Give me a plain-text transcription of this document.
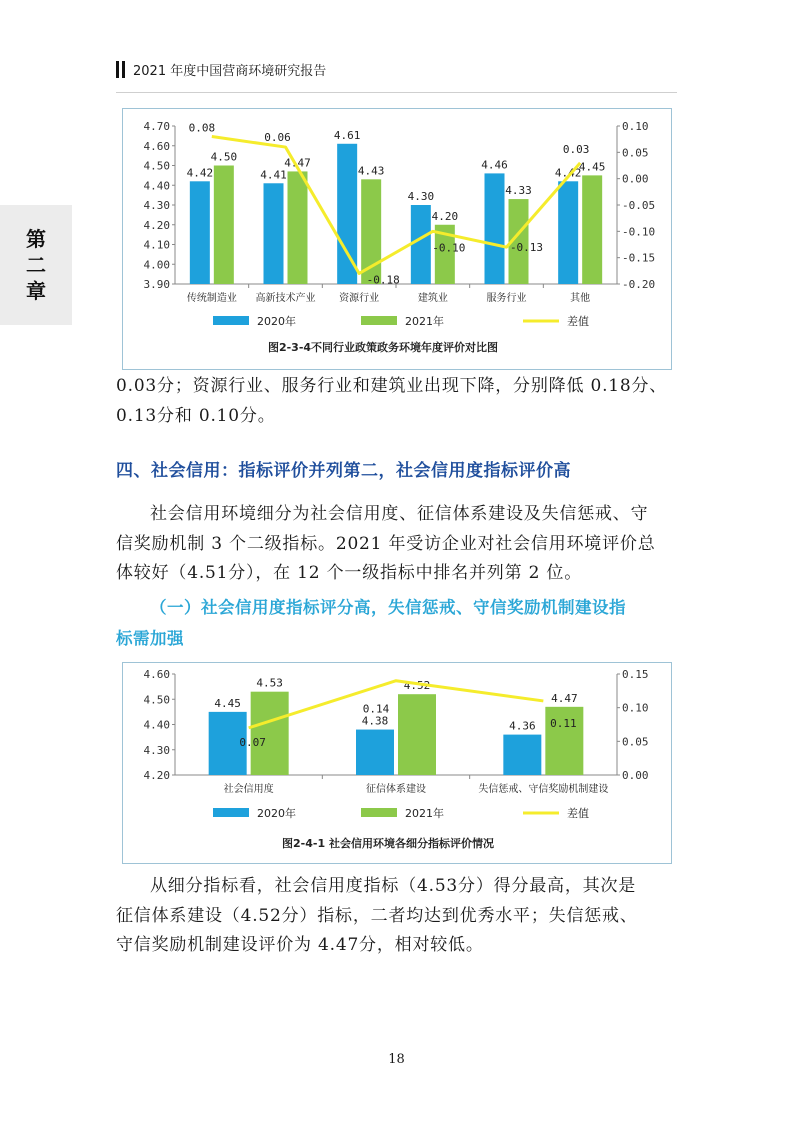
2021 年度中国营商环境研究报告
第
二
章
4.70
4.60
4.50
4.40
4.30
4.20
4.10
4.00
3.90
0.10
0.05
0.00
-0.05
-0.10
-0.15
-0.20
4.42
4.50
传统制造业
4.41
4.47
高新技术产业
4.61
4.43
资源行业
4.30
4.20
建筑业
4.46
4.33
服务行业
4.42
4.45
其他
0.08
0.06
-0.18
-0.10	-0.13
0.03
2020年	2021年	差值
图2-3-4不同行业政策政务环境年度评价对比图
0.03分；资源行业、服务行业和建筑业出现下降，分别降低 0.18分、
0.13分和 0.10分。
四、社会信用：指标评价并列第二，社会信用度指标评价高
社会信用环境细分为社会信用度、征信体系建设及失信惩戒、守
信奖励机制 3 个二级指标。2021 年受访企业对社会信用环境评价总
体较好（4.51分），在 12 个一级指标中排名并列第 2 位。
（一）社会信用度指标评分高，失信惩戒、守信奖励机制建设指
标需加强
4.60
4.50
4.40
4.30
4.20
0.15
0.10
0.05
0.00
4.45
4.53
社会信用度
4.38
4.52
征信体系建设
4.36
4.47
失信惩戒、守信奖励机制建设
0.07
0.14
0.11
2020年	2021年	差值
图2-4-1 社会信用环境各细分指标评价情况
从细分指标看，社会信用度指标（4.53分）得分最高，其次是
征信体系建设（4.52分）指标，二者均达到优秀水平；失信惩戒、
守信奖励机制建设评价为 4.47分，相对较低。
18
